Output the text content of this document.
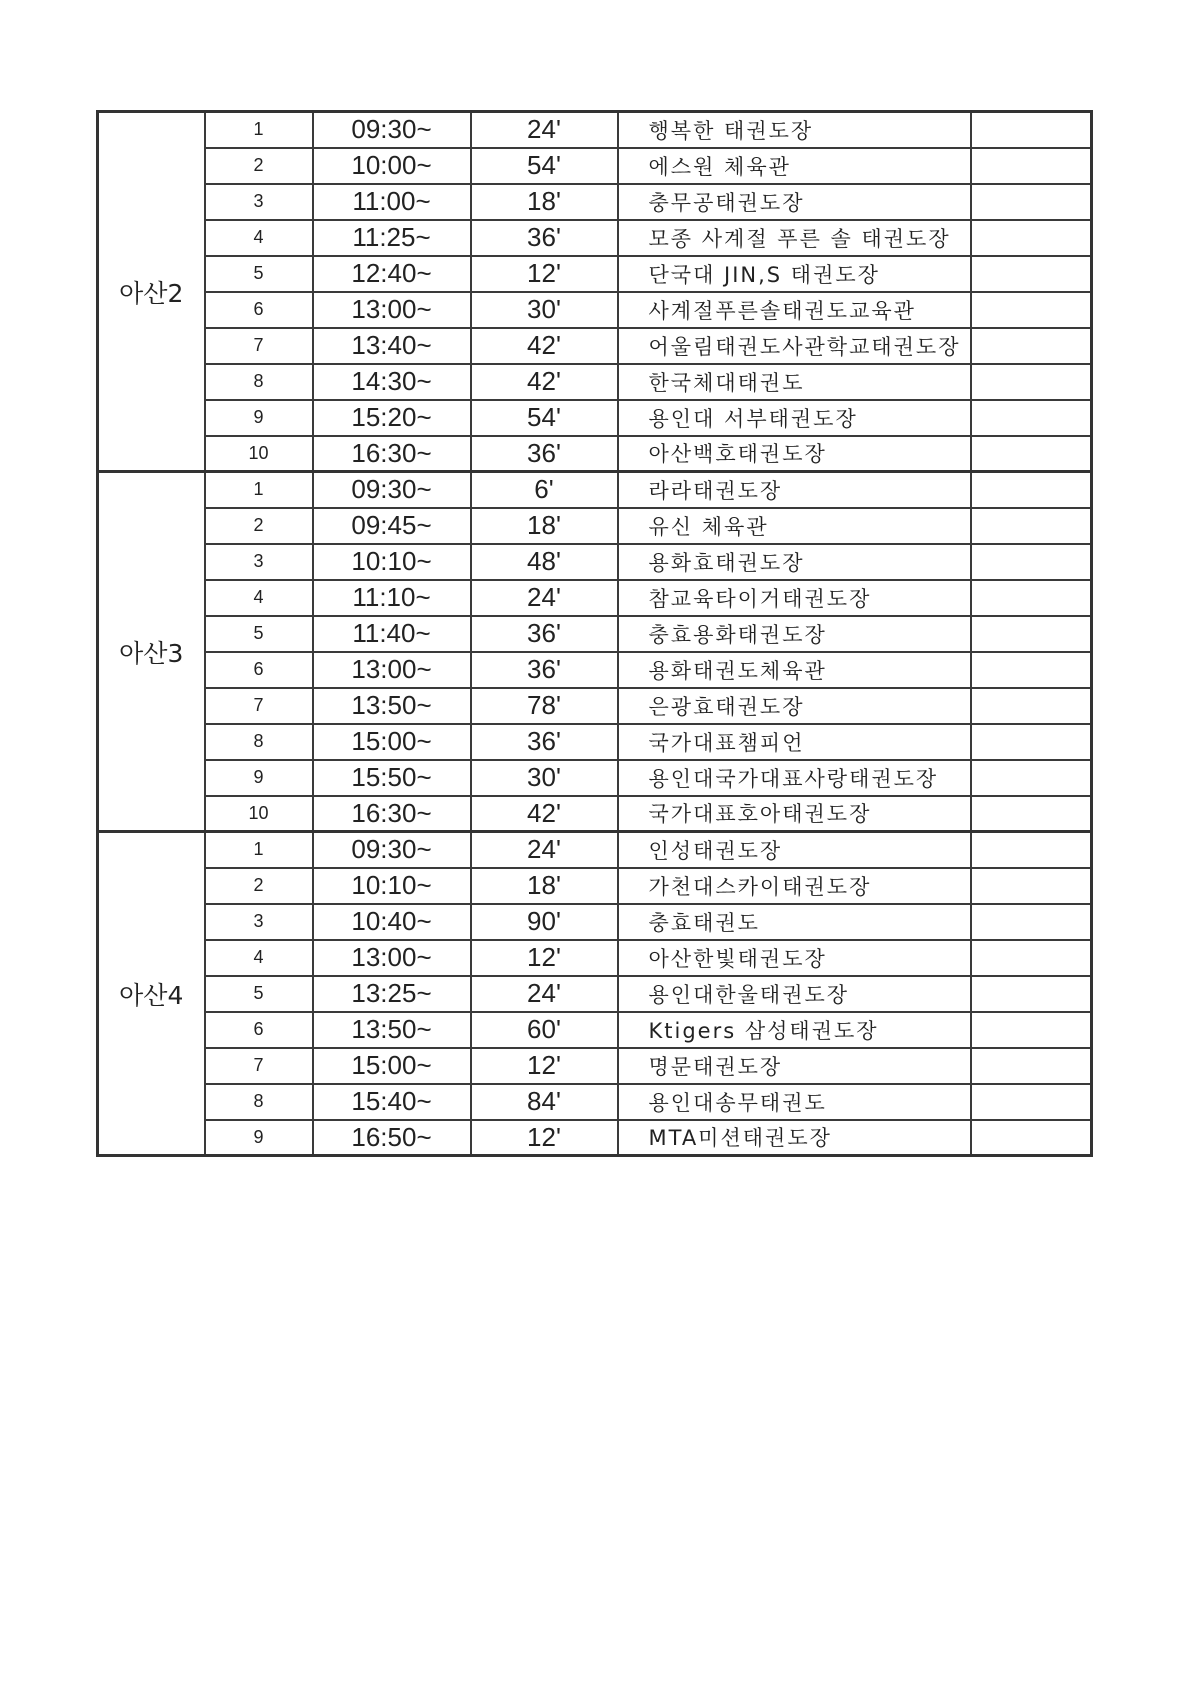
아산2	1	09:30~	24'	행복한 태권도장	
	2	10:00~	54'	에스원 체육관	
	3	11:00~	18'	충무공태권도장	
	4	11:25~	36'	모종 사계절 푸른 솔 태권도장	
	5	12:40~	12'	단국대 JIN,S 태권도장	
	6	13:00~	30'	사계절푸른솔태권도교육관	
	7	13:40~	42'	어울림태권도사관학교태권도장	
	8	14:30~	42'	한국체대태권도	
	9	15:20~	54'	용인대 서부태권도장	
	10	16:30~	36'	아산백호태권도장	
아산3	1	09:30~	6'	라라태권도장	
	2	09:45~	18'	유신 체육관	
	3	10:10~	48'	용화효태권도장	
	4	11:10~	24'	참교육타이거태권도장	
	5	11:40~	36'	충효용화태권도장	
	6	13:00~	36'	용화태권도체육관	
	7	13:50~	78'	은광효태권도장	
	8	15:00~	36'	국가대표챔피언	
	9	15:50~	30'	용인대국가대표사랑태권도장	
	10	16:30~	42'	국가대표호아태권도장	
아산4	1	09:30~	24'	인성태권도장	
	2	10:10~	18'	가천대스카이태권도장	
	3	10:40~	90'	충효태권도	
	4	13:00~	12'	아산한빛태권도장	
	5	13:25~	24'	용인대한울태권도장	
	6	13:50~	60'	Ktigers 삼성태권도장	
	7	15:00~	12'	명문태권도장	
	8	15:40~	84'	용인대송무태권도	
	9	16:50~	12'	MTA미션태권도장	
